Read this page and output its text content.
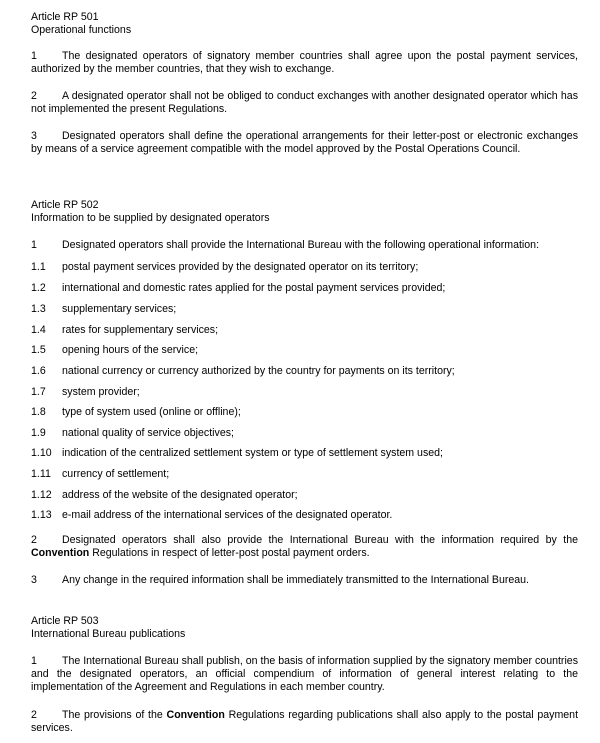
Article RP 501
Operational functions

1 The designated operators of signatory member countries shall agree upon the postal payment services, authorized by the member countries, that they wish to exchange.

2 A designated operator shall not be obliged to conduct exchanges with another designated operator which has not implemented the present Regulations.

3 Designated operators shall define the operational arrangements for their letter-post or electronic exchanges by means of a service agreement compatible with the model approved by the Postal Operations Council.

Article RP 502
Information to be supplied by designated operators
1 Designated operators shall provide the International Bureau with the following operational information:
1.1 postal payment services provided by the designated operator on its territory;
1.2 international and domestic rates applied for the postal payment services provided;
1.3 supplementary services;
1.4 rates for supplementary services;
1.5 opening hours of the service;
1.6 national currency or currency authorized by the country for payments on its territory;
1.7 system provider;
1.8 type of system used (online or offline);
1.9 national quality of service objectives;
1.10 indication of the centralized settlement system or type of settlement system used;
1.11 currency of settlement;
1.12 address of the website of the designated operator;
1.13 e-mail address of the international services of the designated operator.

2 Designated operators shall also provide the International Bureau with the information required by the Convention Regulations in respect of letter-post postal payment orders.

3 Any change in the required information shall be immediately transmitted to the International Bureau.
Article RP 503
International Bureau publications

1 The International Bureau shall publish, on the basis of information supplied by the signatory member countries and the designated operators, an official compendium of information of general interest relating to the implementation of the Agreement and Regulations in each member country.

2 The provisions of the Convention Regulations regarding publications shall also apply to the postal payment services.
